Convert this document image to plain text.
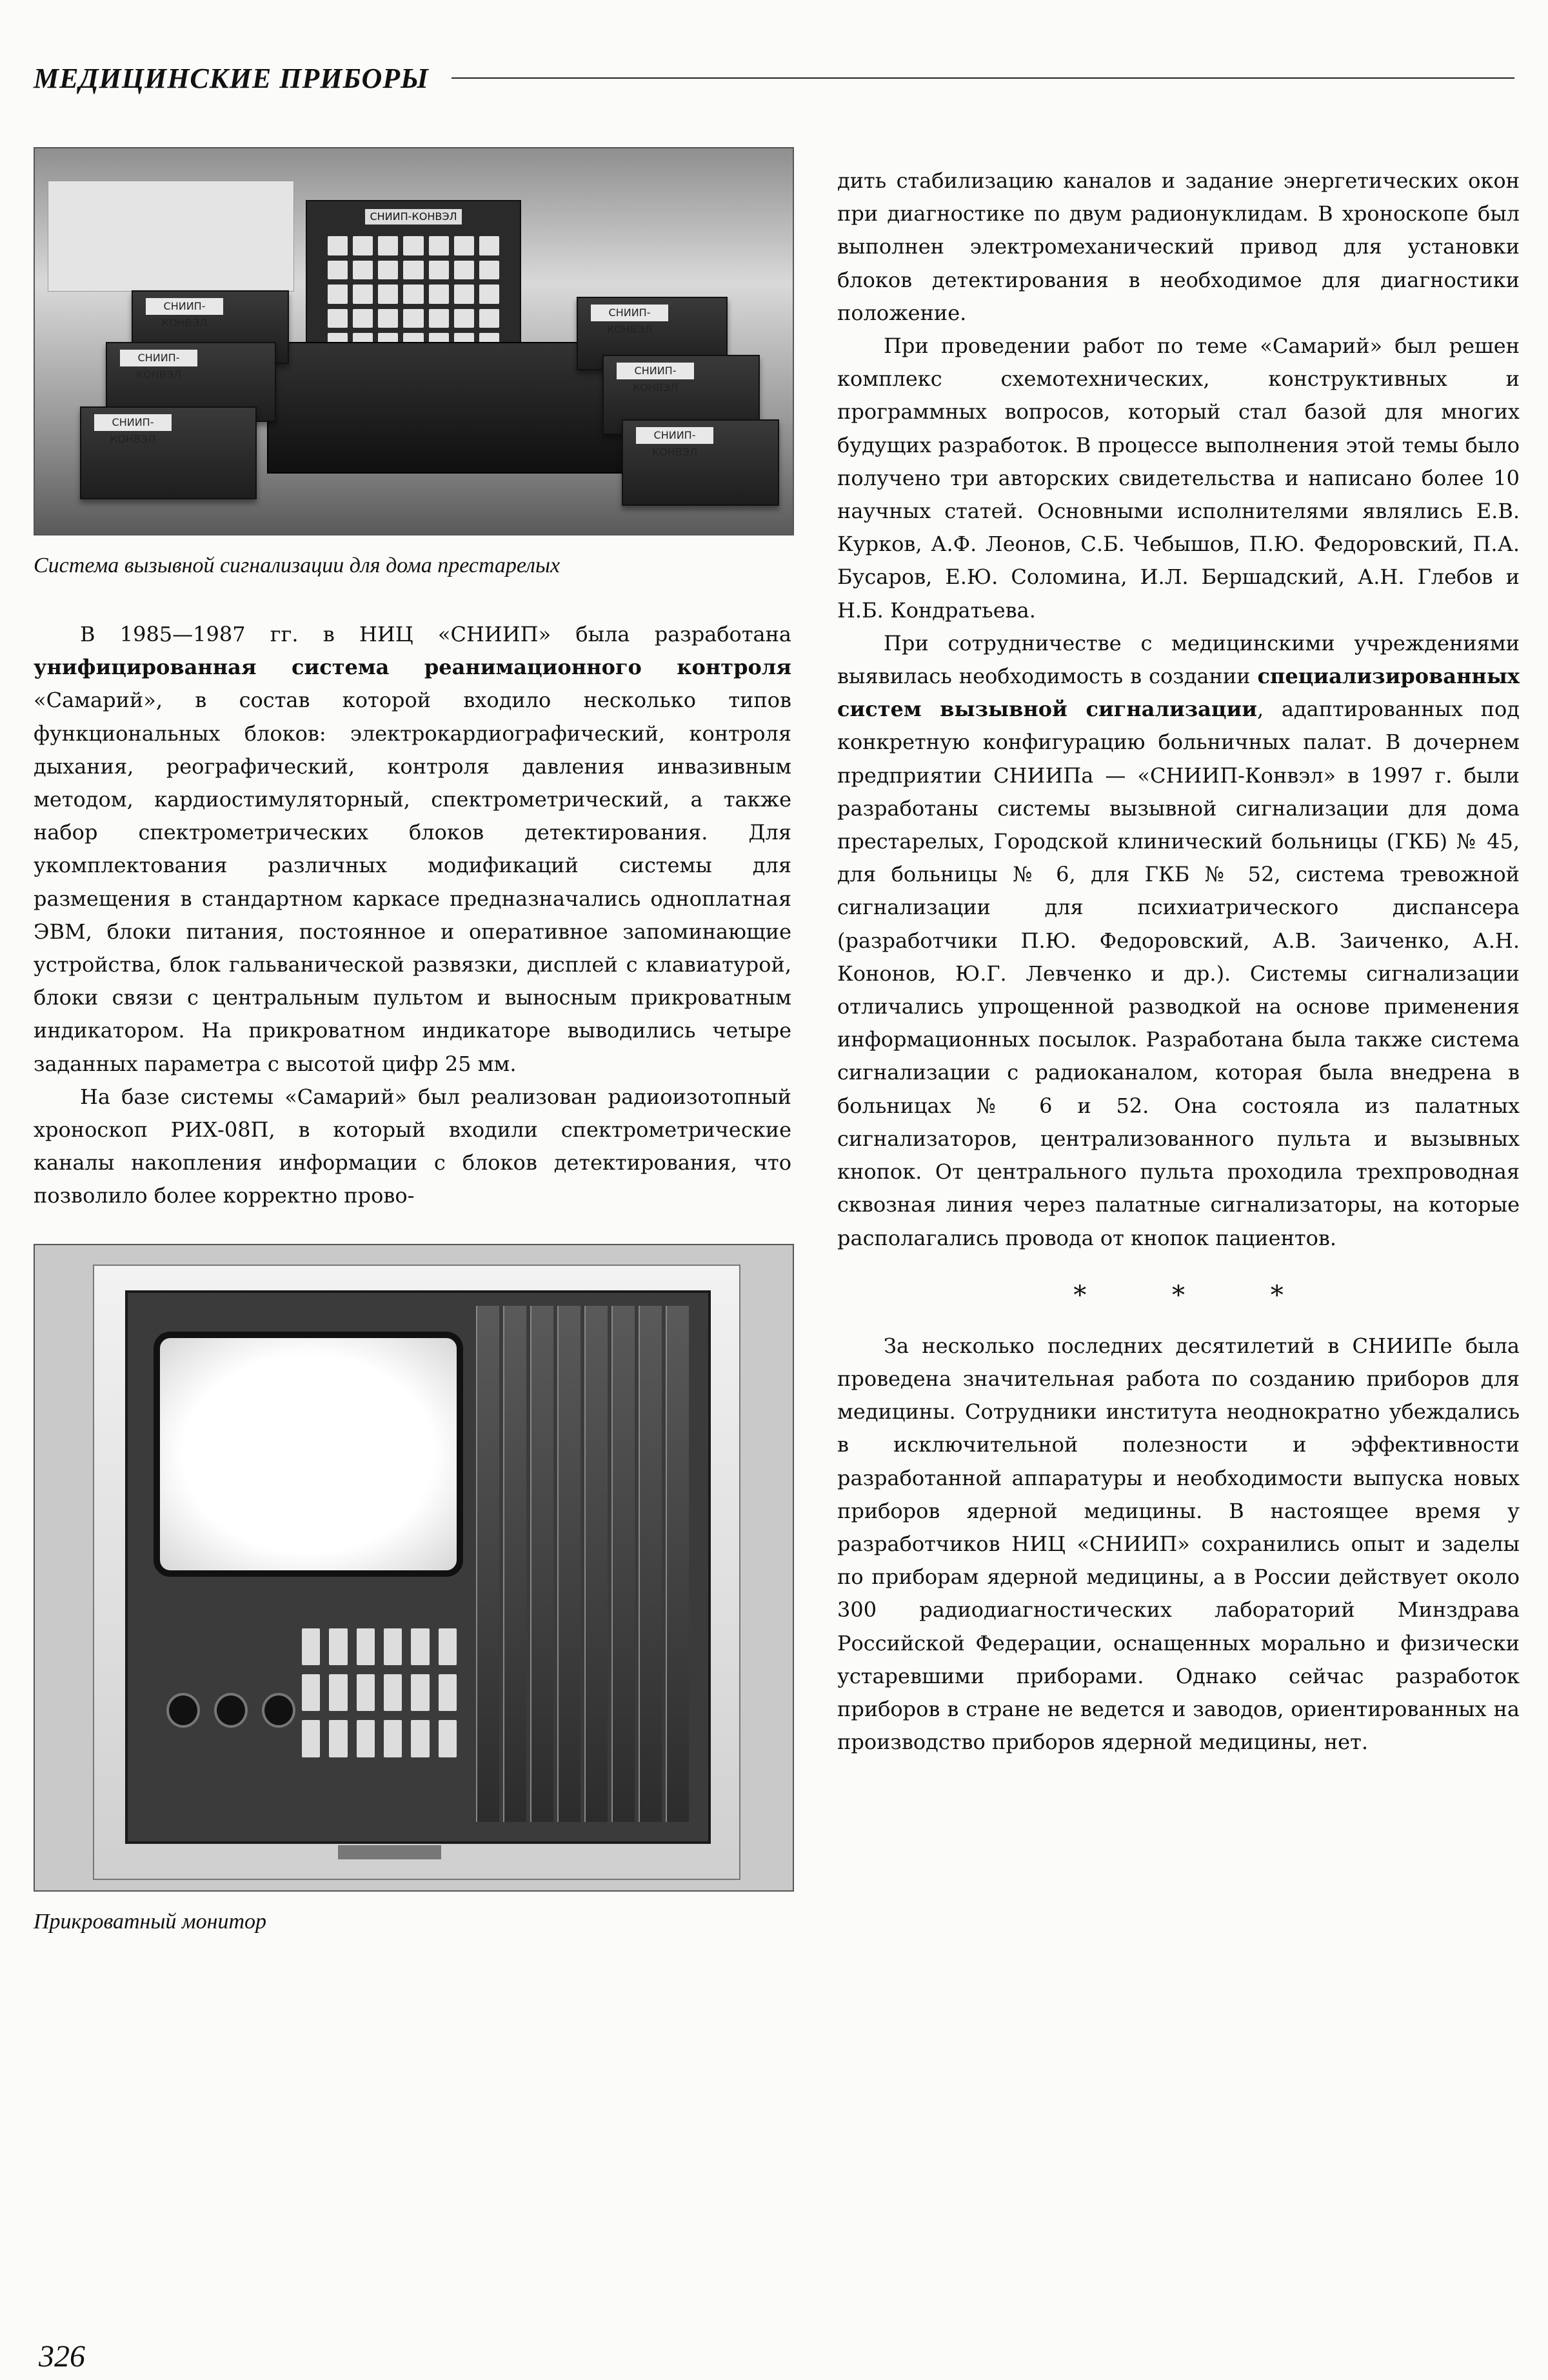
МЕДИЦИНСКИЕ ПРИБОРЫ
СНИИП-КОНВЭЛ
СНИИП-КОНВЭЛ
СНИИП-КОНВЭЛ
СНИИП-КОНВЭЛ
СНИИП-КОНВЭЛ
СНИИП-КОНВЭЛ
СНИИП-КОНВЭЛ
Система вызывной сигнализации для дома престарелых

В 1985—1987 гг. в НИЦ «СНИИП» была разработана унифицированная система реанимационного контроля «Самарий», в состав которой входило несколько типов функциональных блоков: электрокардиографический, контроля дыхания, реографический, контроля давления инвазивным методом, кардиостимуляторный, спектрометрический, а также набор спектрометрических блоков детектирования. Для укомплектования различных модификаций системы для размещения в стандартном каркасе предназначались одноплатная ЭВМ, блоки питания, постоянное и оперативное запоминающие устройства, блок гальванической развязки, дисплей с клавиатурой, блоки связи с центральным пультом и выносным прикроватным индикатором. На прикроватном индикаторе выводились четыре заданных параметра с высотой цифр 25 мм.

На базе системы «Самарий» был реализован радиоизотопный хроноскоп РИХ-08П, в который входили спектрометрические каналы накопления информации с блоков детектирования, что позволило более корректно прово-

Прикроватный монитор

дить стабилизацию каналов и задание энергетических окон при диагностике по двум радионуклидам. В хроноскопе был выполнен электромеханический привод для установки блоков детектирования в необходимое для диагностики положение.

При проведении работ по теме «Самарий» был решен комплекс схемотехнических, конструктивных и программных вопросов, который стал базой для многих будущих разработок. В процессе выполнения этой темы было получено три авторских свидетельства и написано более 10 научных статей. Основными исполнителями являлись Е.В. Курков, А.Ф. Леонов, С.Б. Чебышов, П.Ю. Федоровский, П.А. Бусаров, Е.Ю. Соломина, И.Л. Бершадский, А.Н. Глебов и Н.Б. Кондратьева.

При сотрудничестве с медицинскими учреждениями выявилась необходимость в создании специализированных систем вызывной сигнализации, адаптированных под конкретную конфигурацию больничных палат. В дочернем предприятии СНИИПа — «СНИИП-Конвэл» в 1997 г. были разработаны системы вызывной сигнализации для дома престарелых, Городской клинический больницы (ГКБ) № 45, для больницы № 6, для ГКБ № 52, система тревожной сигнализации для психиатрического диспансера (разработчики П.Ю. Федоровский, А.В. Заиченко, А.Н. Кононов, Ю.Г. Левченко и др.). Системы сигнализации отличались упрощенной разводкой на основе применения информационных посылок. Разработана была также система сигнализации с радиоканалом, которая была внедрена в больницах № 6 и 52. Она состояла из палатных сигнализаторов, централизованного пульта и вызывных кнопок. От центрального пульта проходила трехпроводная сквозная линия через палатные сигнализаторы, на которые располагались провода от кнопок пациентов.

* * *

За несколько последних десятилетий в СНИИПе была проведена значительная работа по созданию приборов для медицины. Сотрудники института неоднократно убеждались в исключительной полезности и эффективности разработанной аппаратуры и необходимости выпуска новых приборов ядерной медицины. В настоящее время у разработчиков НИЦ «СНИИП» сохранились опыт и заделы по приборам ядерной медицины, а в России действует около 300 радиодиагностических лабораторий Минздрава Российской Федерации, оснащенных морально и физически устаревшими приборами. Однако сейчас разработок приборов в стране не ведется и заводов, ориентированных на производство приборов ядерной медицины, нет.

326
